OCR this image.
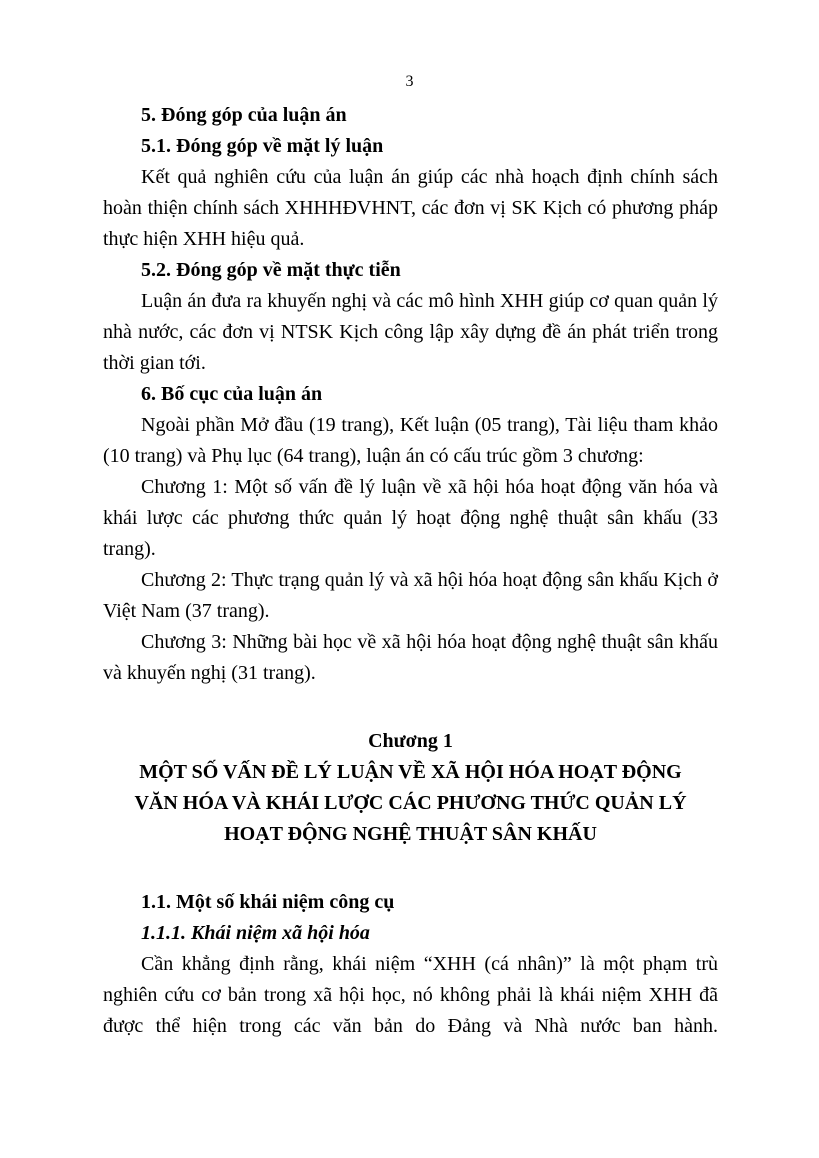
3

5. Đóng góp của luận án

5.1. Đóng góp về mặt lý luận

Kết quả nghiên cứu của luận án giúp các nhà hoạch định chính sách hoàn thiện chính sách XHHHĐVHNT, các đơn vị SK Kịch có phương pháp thực hiện XHH hiệu quả.

5.2. Đóng góp về mặt thực tiễn

Luận án đưa ra khuyến nghị và các mô hình XHH giúp cơ quan quản lý nhà nước, các đơn vị NTSK Kịch công lập xây dựng đề án phát triển trong thời gian tới.

6. Bố cục của luận án

Ngoài phần Mở đầu (19 trang), Kết luận (05 trang), Tài liệu tham khảo (10 trang) và Phụ lục (64 trang), luận án có cấu trúc gồm 3 chương:

Chương 1: Một số vấn đề lý luận về xã hội hóa hoạt động văn hóa và khái lược các phương thức quản lý hoạt động nghệ thuật sân khấu (33 trang).

Chương 2: Thực trạng quản lý và xã hội hóa hoạt động sân khấu Kịch ở Việt Nam (37 trang).

Chương 3: Những bài học về xã hội hóa hoạt động nghệ thuật sân khấu và khuyến nghị (31 trang).

Chương 1
MỘT SỐ VẤN ĐỀ LÝ LUẬN VỀ XÃ HỘI HÓA HOẠT ĐỘNG
VĂN HÓA VÀ KHÁI LƯỢC CÁC PHƯƠNG THỨC QUẢN LÝ
HOẠT ĐỘNG NGHỆ THUẬT SÂN KHẤU

1.1. Một số khái niệm công cụ

1.1.1. Khái niệm xã hội hóa

Cần khẳng định rằng, khái niệm “XHH (cá nhân)” là một phạm trù nghiên cứu cơ bản trong xã hội học, nó không phải là khái niệm XHH đã được thể hiện trong các văn bản do Đảng và Nhà nước ban hành.
